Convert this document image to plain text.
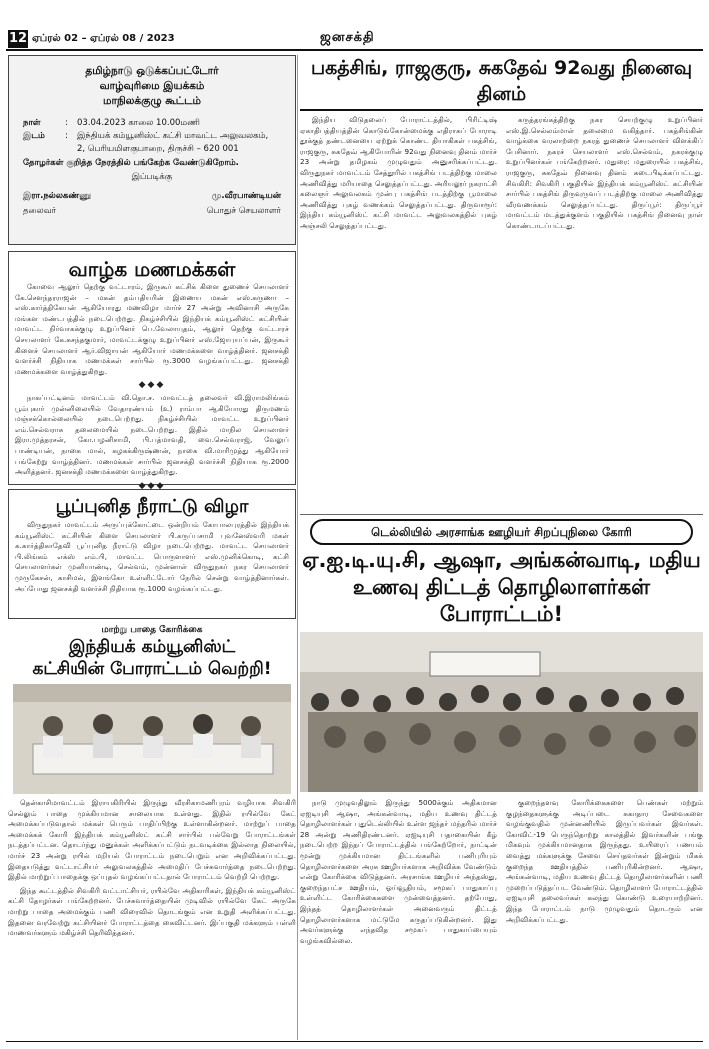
12 ஏப்ரல் 02 – ஏப்ரல் 08 / 2023	ஜனசக்தி
தமிழ்நாடு ஒடுக்கப்பட்டோர்
வாழ்வுரிமை இயக்கம்
மாநிலக்குழு கூட்டம்
நாள்	:	03.04.2023 காலை 10.00மணி
இடம்	:	இந்தியக் கம்யூனிஸ்ட் கட்சி மாவட்ட அலுவலகம்,
2, பெரியமிளகுபாறை, திருச்சி – 620 001
தோழர்கள் குறித்த நேரத்தில் பங்கேற்க வேண்டுகிறோம்.
இப்படிக்கு
இரா.நல்லகண்ணு	மு.வீரபாண்டியன்
தலைவர்	பொதுச் செயலாளர்
வாழ்க மணமக்கள்

கோவை ஆலூர் தெற்கு வட்டாரம், இருகூர் கட்சிக் கிளை துணைச் செயலாளர் கே.சௌந்தரராஜன் – மகன் தம்பதியரின் இணைய மகன் எஸ்.கருணா – எஸ்.கார்த்திகேயன் ஆகியோரது மணவிழா மார்ச் 27 அன்று அவினாசி அருகே மங்கள மண்டபத்தில் நடைபெற்றது. நிகழ்ச்சியில் இந்தியக் கம்யூனிஸ்ட் கட்சியின் மாவட்ட நிர்வாகக்குழு உறுப்பினர் பெ.வேலாயுதம், ஆலூர் தெற்கு வட்டாரச் செயலாளர் கே.சுசந்தகுமார், மாவட்டக்குழு உறுப்பினர் எஸ்.ஜோபுயப்பன், இருகூர் கிளைச் செயலாளர் ஆர்.விஜாயன் ஆகியோர் மணமக்களை வாழ்த்தினர். ஜனசக்தி வளர்ச்சி நிதியாக மணமக்கள் சார்பில் ரூ.3000 வழங்கப்பட்டது. ஜனசக்தி மணமக்களை வாழ்த்துகிறது.

◆◆◆

நாகப்பட்டினம் மாவட்டம் வி.தொ.ச. மாவட்டத் தலைவர் வி.இராமலிங்கம் பூம்புகார் முன்னிலையில் வேதாரண்யம் (உ) ராம்பா ஆகியோரது திருமணம் மஞ்சக்கொல்லையில் நடைபெற்றது. நிகழ்ச்சியில் மாவட்ட உறுப்பினர் எம்.செல்வராசு தலைமையில் நடைபெற்றது. இதில் மாநில செயலாளர் இரா.முத்தரசன், கோ.பழனிசாமி, பி.பத்மாவதி, வை.செல்வராஜ், வேலுப் பாண்டியன், நாகை மால், கழகக்கிருஷ்ணன், நாகை வி.மாரிமுத்து ஆகியோர் பங்கேற்று வாழ்த்தினர். மணமக்கள் சார்பில் ஜனசக்தி வளர்ச்சி நிதியாக ரூ.2000 அளித்தனர். ஜனசக்தி மணமக்களை வாழ்த்துகிறது.

◆◆◆
பூப்புனித நீராட்டு விழா

விருதுநகர் மாவட்டம் அருப்புக்கோட்டை ஒன்றியம் கோபாலபுரத்தில் இந்தியக் கம்யூனிஸ்ட் கட்சியின் கிளை செயலாளர் பி.கருப்பசாமி புவனேஸ்வரி மகள் க.கார்த்திகாதேவி பூப்புனித நீராட்டு விழா நடைபெற்றது. மாவட்ட செயலாளர் பி.லிங்கம் எக்ஸ் எம்.பி, மாவட்ட பொருளாளர் எஸ்.முனிக்கொடி, கட்சி செயலாளர்கள் முனியாண்டி, செல்வம், முன்னாள் விருதுநகர் நகர செயலாளர் முருகேசன், காசிமல், இளங்கோ உள்ளிட்டோர் நேரில் சென்று வாழ்த்தினார்கள். அப்போது ஜனசக்தி வளர்ச்சி நிதியாக ரூ.1000 வழங்கப்பட்டது.

மாற்று பாதை கோரிக்கை
இந்தியக் கம்யூனிஸ்ட்
கட்சியின் போராட்டம் வெற்றி!

தென்காசிமாவட்டம் இராயகிரியில் இருந்து வீரசிகாமணிபுரம் வழியாக சிவகிரி செல்லும் பாதை முக்கியமான சாலையாக உள்ளது. இதில் ரயில்வே கேட் அமைக்கப்படுவதால் மக்கள் பெரும் பாதிப்பிற்கு உள்ளாகின்றனர். மாற்றுப் பாதை அமைக்கக் கோரி இந்தியக் கம்யூனிஸ்ட் கட்சி சார்பில் பல்வேறு போராட்டங்கள் நடத்தப்பட்டன. தொடர்ந்து மனுக்கள் அளிக்கப்பட்டும் நடவடிக்கை இல்லாத நிலையில், மார்ச் 23 அன்று ரயில் மறியல் போராட்டம் நடைபெறும் என அறிவிக்கப்பட்டது. இதையடுத்து வட்டாட்சியர் அலுவலகத்தில் அமைதிப் பேச்சுவார்த்தை நடைபெற்றது. இதில் மாற்றுப் பாதைக்கு ஒப்புதல் வழங்கப்பட்டதால் போராட்டம் வெற்றி பெற்றது.

இந்த கூட்டத்தில் சிவகிரி வட்டாட்சியர், ரயில்வே அதிகாரிகள், இந்தியக் கம்யூனிஸ்ட் கட்சி தோழர்கள் பங்கேற்றனர். பேச்சுவார்த்தையின் முடிவில் ரயில்வே கேட் அருகே மாற்று பாதை அமைக்கும் பணி விரைவில் தொடங்கும் என உறுதி அளிக்கப்பட்டது. இதனை வரவேற்று கட்சியினர் போராட்டத்தை கைவிட்டனர். இப்பகுதி மக்களும் பள்ளி மாணவர்களும் மகிழ்ச்சி தெரிவித்தனர்.

பகத்சிங், ராஜகுரு, சுகதேவ் 92வது நினைவு தினம்

இந்திய விடுதலைப் போராட்டத்தில், பிரிட்டிஷ் ஏகாதிபத்தியத்தின் கொடுங்கோன்மைக்கு எதிராகப் போராடி தூக்குத் தண்டனையை ஏற்றுக் கொண்ட தியாகிகள் பகத்சிங், ராஜகுரு, சுகதேவ் ஆகியோரின் 92வது நினைவு தினம் மார்ச் 23 அன்று தமிழகம் முழுவதும் அனுசரிக்கப்பட்டது. விருதுநகர் மாவட்டம் சேத்தூரில் பகத்சிங் படத்திற்கு மாலை அணிவித்து மரியாதை செலுத்தப்பட்டது. அரியலூர் நகராட்சி கலைஞர் அலுவலகம் முன்பு பகத்சிங் படத்திற்கு பூமாலை அணிவித்து புகழ் வணக்கம் செலுத்தப்பட்டது. திருவாரூர்: இந்திய கம்யூனிஸ்ட் கட்சி மாவட்ட அலுவலகத்தில் புகழ் அஞ்சலி செலுத்தப்பட்டது.

கருத்தரங்கத்திற்கு நகர செயற்குழு உறுப்பினர் எஸ்.இ.செல்லம்மாள் தலைமை வகித்தார். பகத்சிங்கின் வாழ்க்கை வரலாற்றை நகரத் துணைச் செயலாளர் விளக்கிப் பேசினார். நகரச் செயலாளர் எஸ்.செல்வம், நகரக்குழு உறுப்பினர்கள் பங்கேற்றனர். மதுரை: மதுரையில் பகத்சிங், ராஜகுரு, சுகதேவ் நினைவு தினம் கடைபிடிக்கப்பட்டது. சிவகிரி: சிவகிரி பகுதியில் இந்தியக் கம்யூனிஸ்ட் கட்சியின் சார்பில் பகத்சிங் திருவுருவப் படத்திற்கு மாலை அணிவித்து வீரவணக்கம் செலுத்தப்பட்டது. திருப்பூர்: திருப்பூர் மாவட்டம் மடத்துக்குளம் பகுதியில் பகத்சிங் நினைவு நாள் கொண்டாடப்பட்டது.

டெல்லியில் அரசாங்க ஊழியர் சிறப்புநிலை கோரி
ஏ.ஐ.டி.யு.சி, ஆஷா, அங்கன்வாடி, மதிய
உணவு திட்டத் தொழிலாளர்கள் போராட்டம்!

நாடு முழுவதிலும் இருந்து 5000க்கும் அதிகமான ஏஐடியுசி ஆஷா, அங்கன்வாடி, மதிய உணவு திட்டத் தொழிலாளர்கள் புதுடெல்லியில் உள்ள ஜந்தர் மந்தரில் மார்ச் 28 அன்று அணிதிரண்டனர். ஏஐடியுசி பதாகையின் கீழ் நடைபெற்ற இந்தப் போராட்டத்தில் பங்கேற்றோர், நாட்டின் மூன்று முக்கியமான திட்டங்களில் பணிபுரியும் தொழிலாளர்களை அரசு ஊழியர்களாக அறிவிக்க வேண்டும் என்று கோரிக்கை விடுத்தனர். அரசாங்க ஊழியர் அந்தஸ்து, குறைந்தபட்ச ஊதியம், ஓய்வூதியம், சமூகப் பாதுகாப்பு உள்ளிட்ட கோரிக்கைகளை முன்வைத்தனர். தற்போது, இந்தத் தொழிலாளர்கள் அனைவரும் திட்டத் தொழிலாளர்களாக மட்டுமே கருதப்படுகின்றனர். இது அவர்களுக்கு எந்தவித சமூகப் பாதுகாப்பையும் வழங்கவில்லை.

குறைந்தளவு கோரிக்கைகளை பெண்கள் மற்றும் குழந்தைகளுக்கு அடிப்படை சுகாதார சேவைகளை வழங்குவதில் முன்னணியில் இருப்பவர்கள் இவர்கள். கோவிட்-19 பெருந்தொற்று காலத்தில் இவர்களின் பங்கு மிகவும் முக்கியமானதாக இருந்தது. உயிரைப் பணயம் வைத்து மக்களுக்கு சேவை செய்தவர்கள் இன்றும் மிகக் குறைந்த ஊதியத்தில் பணிபுரிகின்றனர். ஆஷா, அங்கன்வாடி, மதிய உணவு திட்டத் தொழிலாளர்களின் பணி முறைப்படுத்தப்பட வேண்டும். தொழிலாளர் போராட்டத்தில் ஏஐடியுசி தலைவர்கள் கலந்து கொண்டு உரையாற்றினர். இந்த போராட்டம் நாடு முழுவதும் தொடரும் என அறிவிக்கப்பட்டது.
